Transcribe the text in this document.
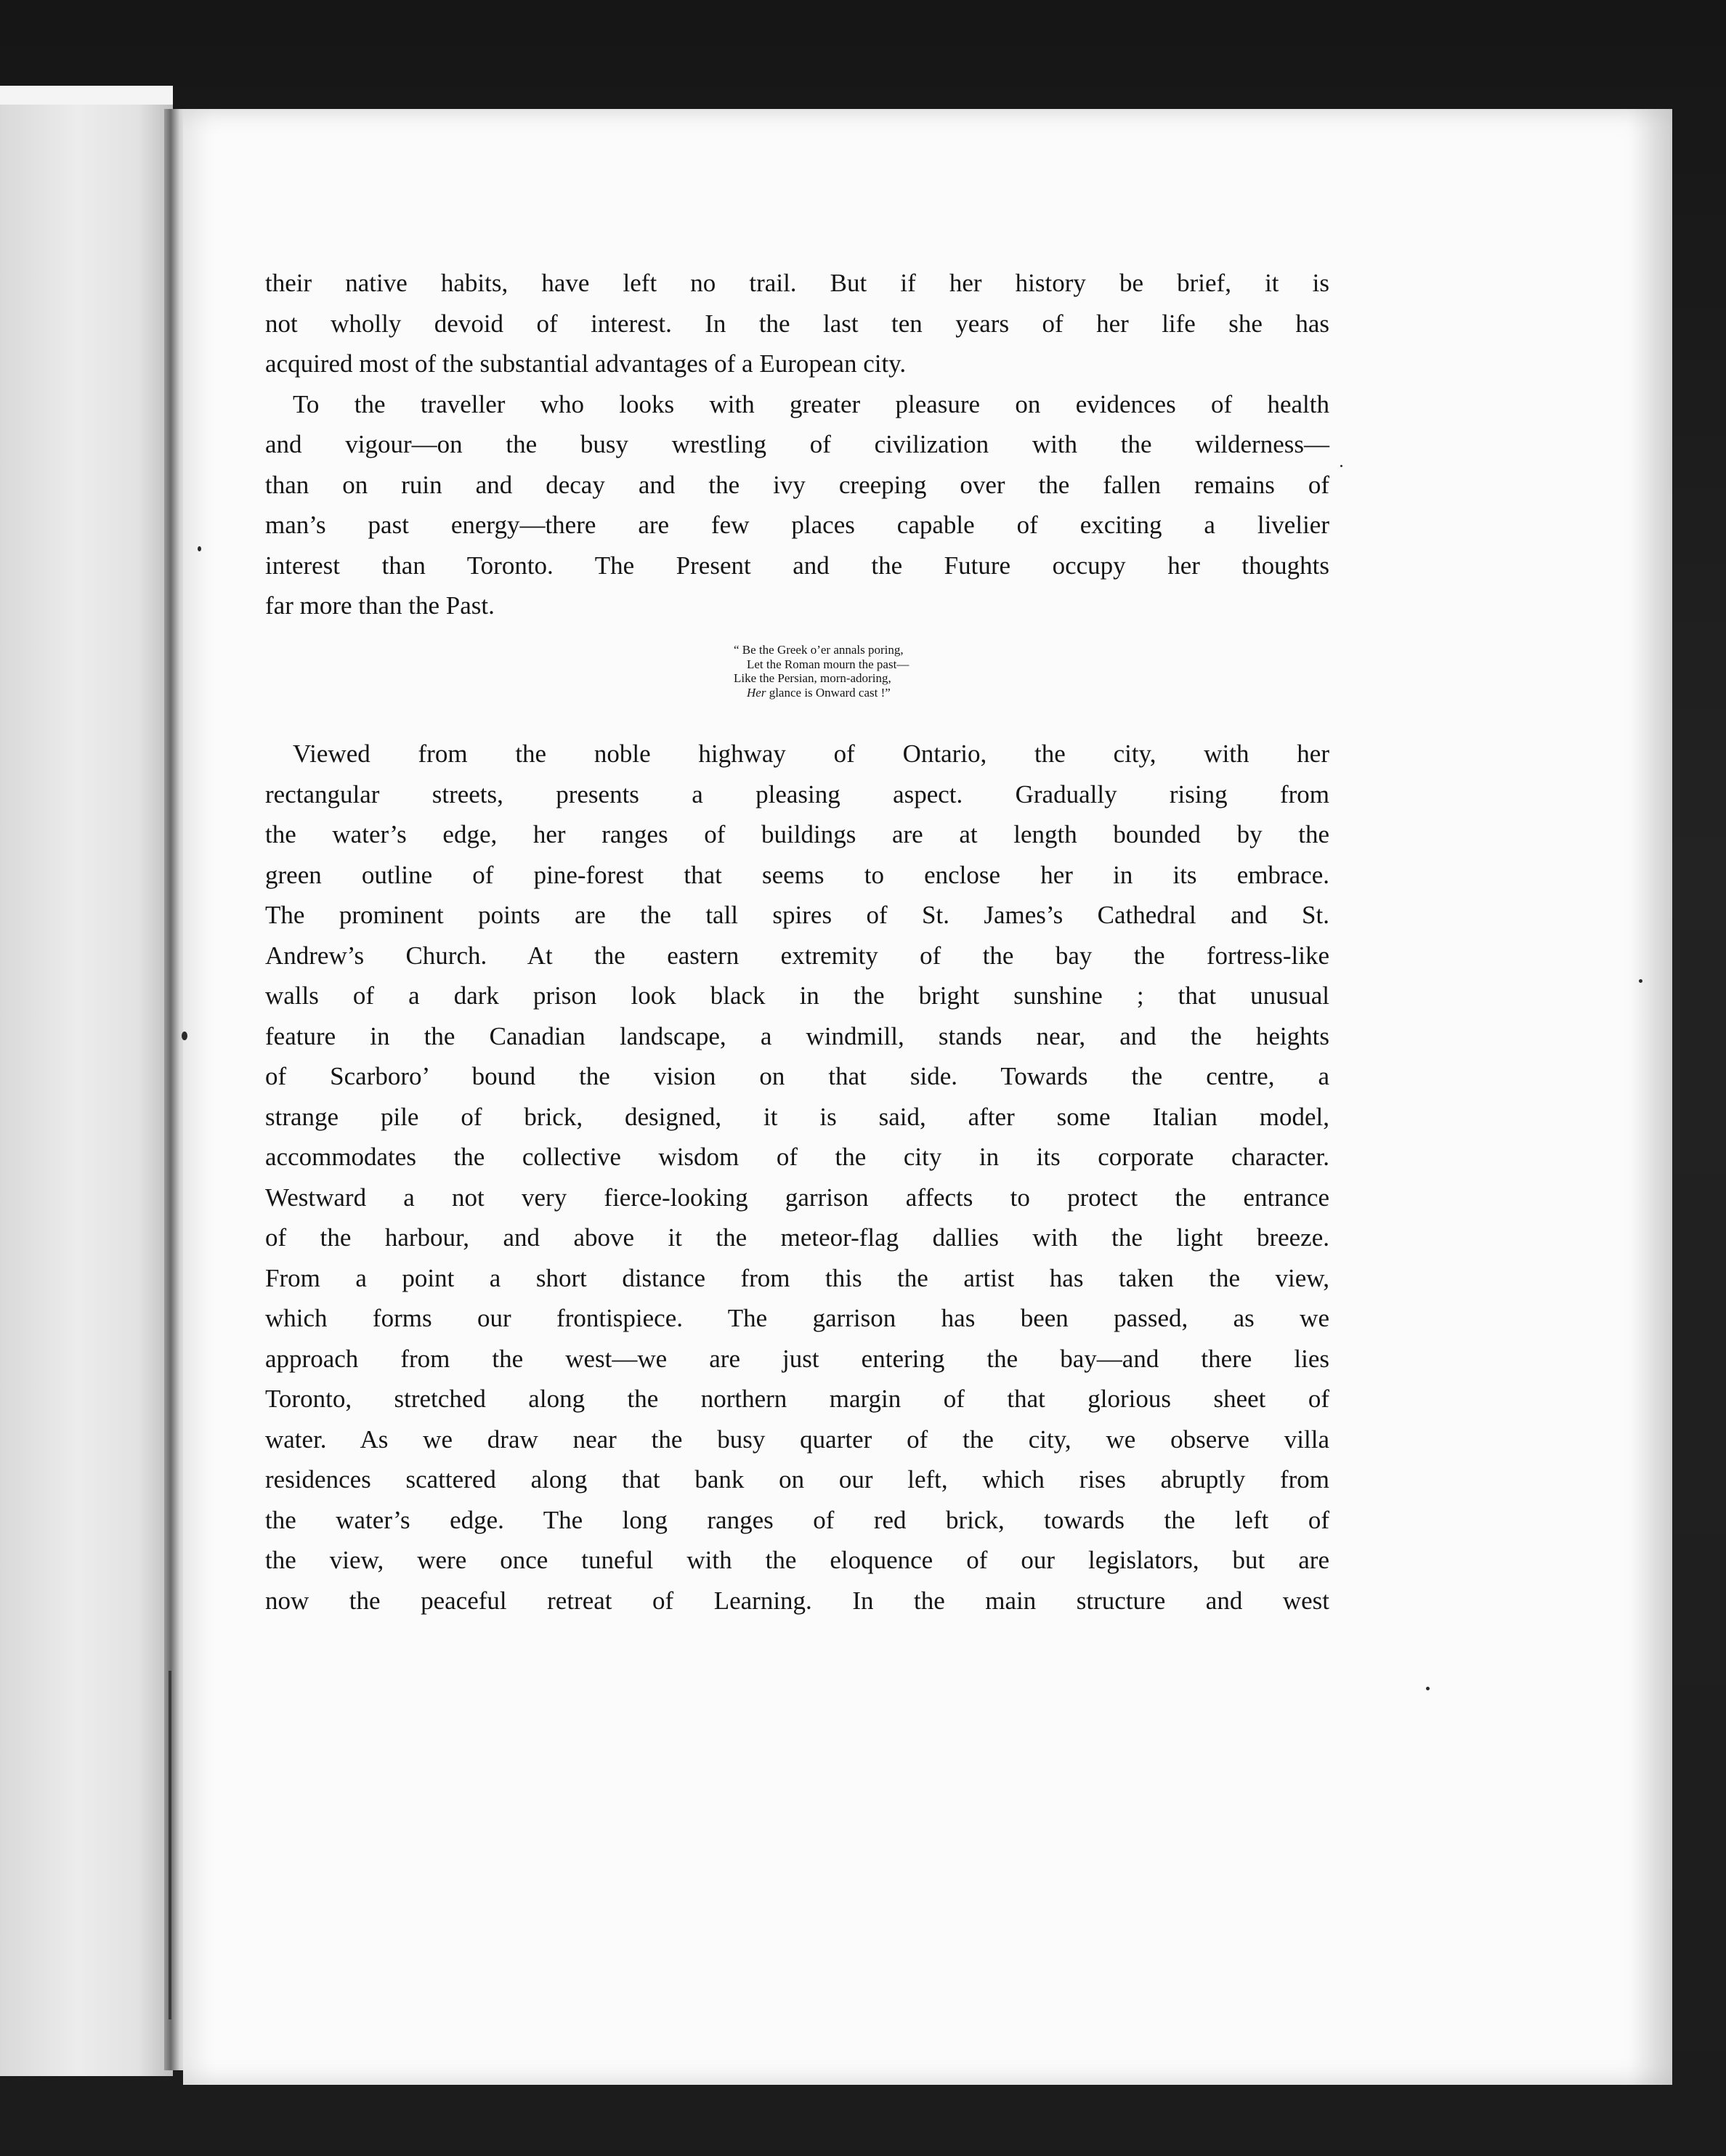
their native habits, have left no trail. But if her history be brief, it is
not wholly devoid of interest. In the last ten years of her life she has
acquired most of the substantial advantages of a European city.

To the traveller who looks with greater pleasure on evidences of health
and vigour—on the busy wrestling of civilization with the wilderness—
than on ruin and decay and the ivy creeping over the fallen remains of
man’s past energy—there are few places capable of exciting a livelier
interest than Toronto. The Present and the Future occupy her thoughts
far more than the Past.

“ Be the Greek o’er annals poring,
Let the Roman mourn the past—
Like the Persian, morn-adoring,
Her glance is Onward cast !”

Viewed from the noble highway of Ontario, the city, with her
rectangular streets, presents a pleasing aspect. Gradually rising from
the water’s edge, her ranges of buildings are at length bounded by the
green outline of pine-forest that seems to enclose her in its embrace.
The prominent points are the tall spires of St. James’s Cathedral and St.
Andrew’s Church. At the eastern extremity of the bay the fortress-like
walls of a dark prison look black in the bright sunshine ; that unusual
feature in the Canadian landscape, a windmill, stands near, and the heights
of Scarboro’ bound the vision on that side. Towards the centre, a
strange pile of brick, designed, it is said, after some Italian model,
accommodates the collective wisdom of the city in its corporate character.
Westward a not very fierce-looking garrison affects to protect the entrance
of the harbour, and above it the meteor-flag dallies with the light breeze.
From a point a short distance from this the artist has taken the view,
which forms our frontispiece. The garrison has been passed, as we
approach from the west—we are just entering the bay—and there lies
Toronto, stretched along the northern margin of that glorious sheet of
water. As we draw near the busy quarter of the city, we observe villa
residences scattered along that bank on our left, which rises abruptly from
the water’s edge. The long ranges of red brick, towards the left of
the view, were once tuneful with the eloquence of our legislators, but are
now the peaceful retreat of Learning. In the main structure and west
